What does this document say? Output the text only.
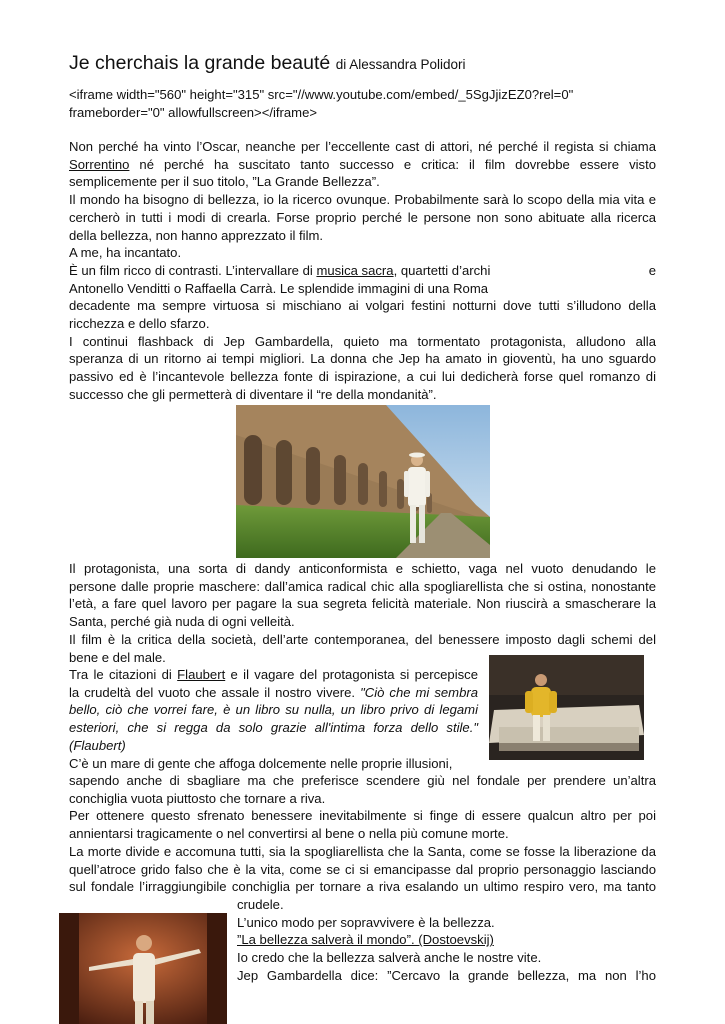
Je cherchais la grande beauté di Alessandra Polidori

<iframe width="560" height="315" src="//www.youtube.com/embed/_5SgJjizEZ0?rel=0" frameborder="0" allowfullscreen></iframe>

Non perché ha vinto l’Oscar, neanche per l’eccellente cast di attori, né perché il regista si chiama
Sorrentino né perché ha suscitato tanto successo e critica: il film dovrebbe essere visto
semplicemente per il suo titolo, ”La Grande Bellezza”.

Il mondo ha bisogno di bellezza, io la ricerco ovunque. Probabilmente sarà lo scopo della mia vita e
cercherò in tutti i modi di crearla. Forse proprio perché le persone non sono abituate alla ricerca
della bellezza, non hanno apprezzato il film.

A me, ha incantato.

È un film ricco di contrasti. L’intervallare di musica sacra, quartetti d’archi	e
Antonello Venditti o Raffaella Carrà. Le splendide immagini di una Roma
decadente ma sempre virtuosa si mischiano ai volgari festini notturni dove tutti s’illudono della
ricchezza e dello sfarzo.

I continui flashback di Jep Gambardella, quieto ma tormentato protagonista, alludono alla
speranza di un ritorno ai tempi migliori. La donna che Jep ha amato in gioventù, ha uno sguardo
passivo ed è l’incantevole bellezza fonte di ispirazione, a cui lui dedicherà forse quel romanzo di
successo che gli permetterà di diventare il “re della mondanità”.

Il protagonista, una sorta di dandy anticonformista e schietto, vaga nel vuoto denudando le
persone dalle proprie maschere: dall’amica radical chic alla spogliarellista che si ostina, nonostante
l’età, a fare quel lavoro per pagare la sua segreta felicità materiale. Non riuscirà a smascherare la
Santa, perché già nuda di ogni velleità.

Il film è la critica della società, dell’arte contemporanea, del benessere imposto dagli schemi del
bene e del male.

Tra le citazioni di Flaubert e il vagare del protagonista si percepisce
la crudeltà del vuoto che assale il nostro vivere. "Ciò che mi sembra
bello, ciò che vorrei fare, è un libro su nulla, un libro privo di legami
esteriori, che si regga da solo grazie all'intima forza dello stile."
(Flaubert)
C’è un mare di gente che affoga dolcemente nelle proprie illusioni,

sapendo anche di sbagliare ma che preferisce scendere giù nel fondale per prendere un’altra
conchiglia vuota piuttosto che tornare a riva.

Per ottenere questo sfrenato benessere inevitabilmente si finge di essere qualcun altro per poi
annientarsi tragicamente o nel convertirsi al bene o nella più comune morte.

La morte divide e accomuna tutti, sia la spogliarellista che la Santa, come se fosse la liberazione da
quell’atroce grido falso che è la vita, come se ci si emancipasse dal proprio personaggio lasciando
sul fondale l’irraggiungibile conchiglia per tornare a riva esalando un ultimo respiro vero, ma tanto

crudele.
L’unico modo per sopravvivere è la bellezza.
”La bellezza salverà il mondo”. (Dostoevskij)
Io credo che la bellezza salverà anche le nostre vite.
Jep Gambardella dice: ”Cercavo la grande bellezza, ma non l’ho
